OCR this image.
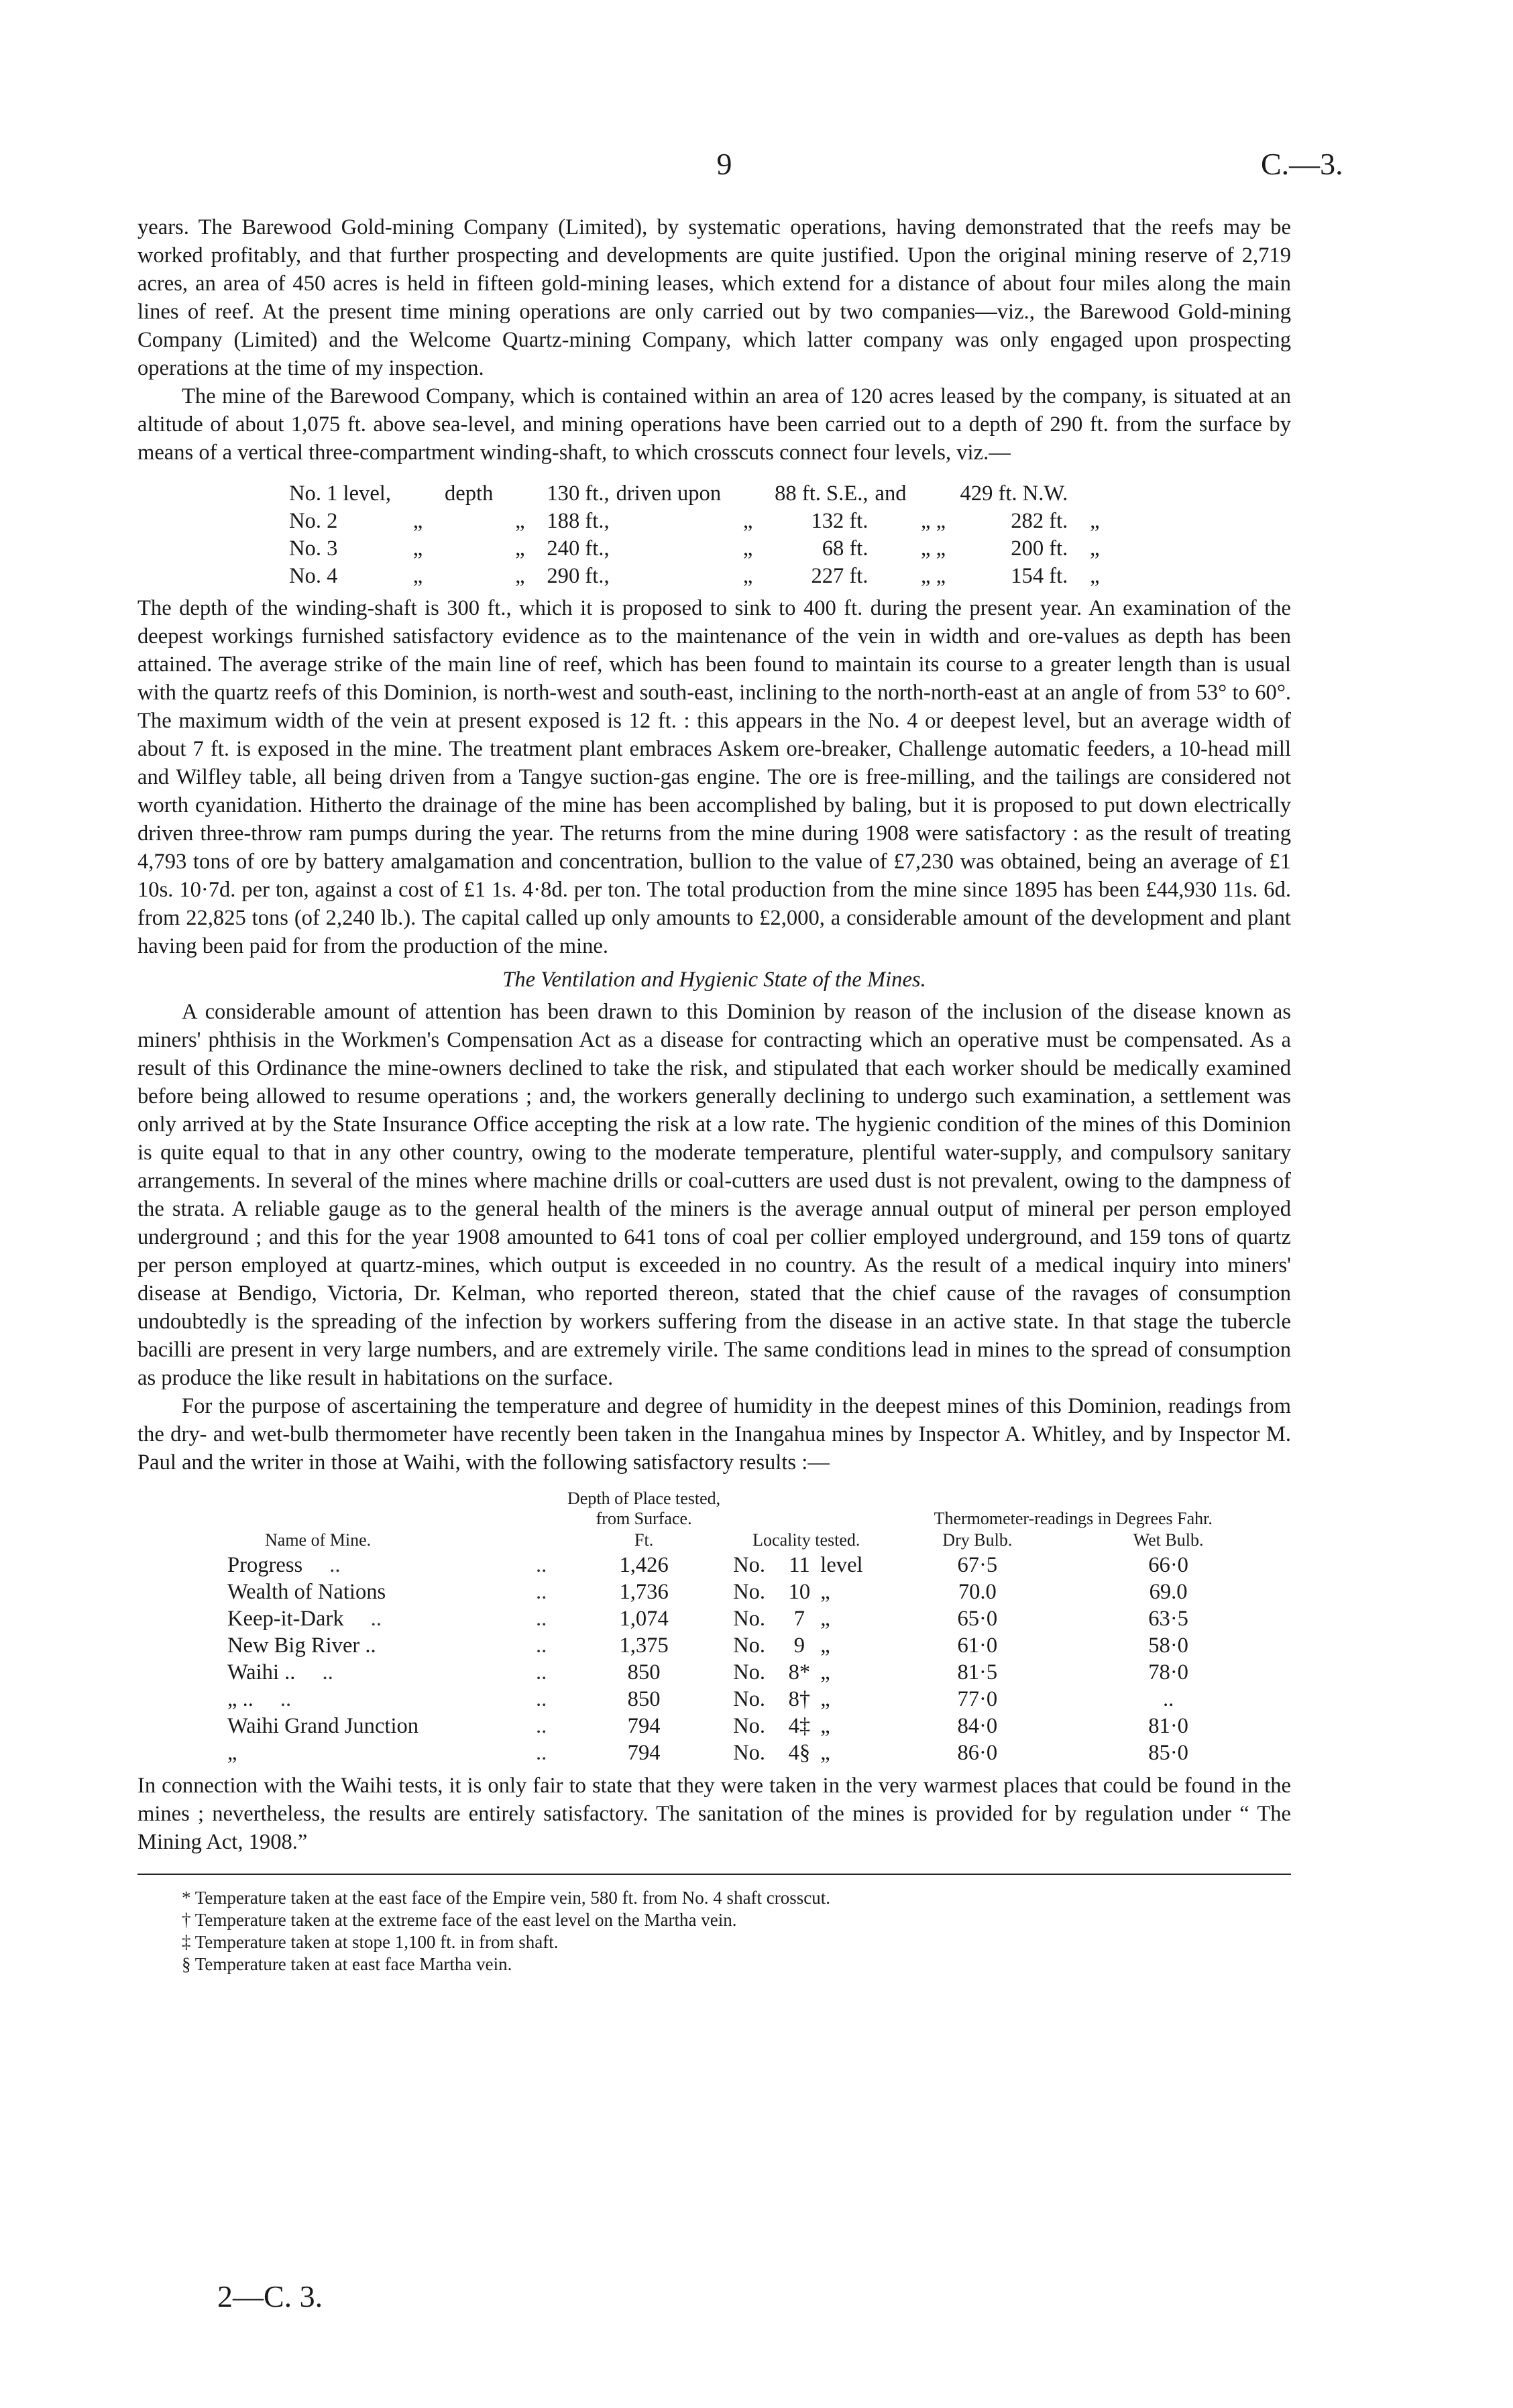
9	C.—3.

years. The Barewood Gold-mining Company (Limited), by systematic operations, having demonstrated that the reefs may be worked profitably, and that further prospecting and developments are quite justified. Upon the original mining reserve of 2,719 acres, an area of 450 acres is held in fifteen gold-mining leases, which extend for a distance of about four miles along the main lines of reef. At the present time mining operations are only carried out by two companies—viz., the Barewood Gold-mining Company (Limited) and the Welcome Quartz-mining Company, which latter company was only engaged upon prospecting operations at the time of my inspection.

The mine of the Barewood Company, which is contained within an area of 120 acres leased by the company, is situated at an altitude of about 1,075 ft. above sea-level, and mining operations have been carried out to a depth of 290 ft. from the surface by means of a vertical three-compartment winding-shaft, to which crosscuts connect four levels, viz.—

No. 1 level,		depth		130 ft.,	driven upon		88 ft. S.E.,	and		429 ft. N.W.	
No. 2	„		„	188 ft.,		„	132 ft.		„ „	282 ft.	„
No. 3	„		„	240 ft.,		„	68 ft.		„ „	200 ft.	„
No. 4	„		„	290 ft.,		„	227 ft.		„ „	154 ft.	„

The depth of the winding-shaft is 300 ft., which it is proposed to sink to 400 ft. during the present year. An examination of the deepest workings furnished satisfactory evidence as to the maintenance of the vein in width and ore-values as depth has been attained. The average strike of the main line of reef, which has been found to maintain its course to a greater length than is usual with the quartz reefs of this Dominion, is north-west and south-east, inclining to the north-north-east at an angle of from 53° to 60°. The maximum width of the vein at present exposed is 12 ft. : this appears in the No. 4 or deepest level, but an average width of about 7 ft. is exposed in the mine. The treatment plant embraces Askem ore-breaker, Challenge automatic feeders, a 10-head mill and Wilfley table, all being driven from a Tangye suction-gas engine. The ore is free-milling, and the tailings are considered not worth cyanidation. Hitherto the drainage of the mine has been accomplished by baling, but it is proposed to put down electrically driven three-throw ram pumps during the year. The returns from the mine during 1908 were satisfactory : as the result of treating 4,793 tons of ore by battery amalgamation and concentration, bullion to the value of £7,230 was obtained, being an average of £1 10s. 10·7d. per ton, against a cost of £1 1s. 4·8d. per ton. The total production from the mine since 1895 has been £44,930 11s. 6d. from 22,825 tons (of 2,240 lb.). The capital called up only amounts to £2,000, a considerable amount of the development and plant having been paid for from the production of the mine.

The Ventilation and Hygienic State of the Mines.

A considerable amount of attention has been drawn to this Dominion by reason of the inclusion of the disease known as miners' phthisis in the Workmen's Compensation Act as a disease for contracting which an operative must be compensated. As a result of this Ordinance the mine-owners declined to take the risk, and stipulated that each worker should be medically examined before being allowed to resume operations ; and, the workers generally declining to undergo such examination, a settlement was only arrived at by the State Insurance Office accepting the risk at a low rate. The hygienic condition of the mines of this Dominion is quite equal to that in any other country, owing to the moderate temperature, plentiful water-supply, and compulsory sanitary arrangements. In several of the mines where machine drills or coal-cutters are used dust is not prevalent, owing to the dampness of the strata. A reliable gauge as to the general health of the miners is the average annual output of mineral per person employed underground ; and this for the year 1908 amounted to 641 tons of coal per collier employed underground, and 159 tons of quartz per person employed at quartz-mines, which output is exceeded in no country. As the result of a medical inquiry into miners' disease at Bendigo, Victoria, Dr. Kelman, who reported thereon, stated that the chief cause of the ravages of consumption undoubtedly is the spreading of the infection by workers suffering from the disease in an active state. In that stage the tubercle bacilli are present in very large numbers, and are extremely virile. The same conditions lead in mines to the spread of consumption as produce the like result in habitations on the surface.

For the purpose of ascertaining the temperature and degree of humidity in the deepest mines of this Dominion, readings from the dry- and wet-bulb thermometer have recently been taken in the Inangahua mines by Inspector A. Whitley, and by Inspector M. Paul and the writer in those at Waihi, with the following satisfactory results :—

Name of Mine.		Depth of Place tested, from Surface.	Locality tested.			Thermometer-readings in Degrees Fahr.	
		Ft.				Dry Bulb.	Wet Bulb.
Progress ..	..	1,426	No.	11	level	67·5	66·0
Wealth of Nations	..	1,736	No.	10	„	70.0	69.0
Keep-it-Dark ..	..	1,074	No.	7	„	65·0	63·5
New Big River ..	..	1,375	No.	9	„	61·0	58·0
Waihi .. ..	..	850	No.	8*	„	81·5	78·0
„ .. ..	..	850	No.	8†	„	77·0	..
Waihi Grand Junction	..	794	No.	4‡	„	84·0	81·0
„	..	794	No.	4§	„	86·0	85·0

In connection with the Waihi tests, it is only fair to state that they were taken in the very warmest places that could be found in the mines ; nevertheless, the results are entirely satisfactory. The sanitation of the mines is provided for by regulation under “ The Mining Act, 1908.”

* Temperature taken at the east face of the Empire vein, 580 ft. from No. 4 shaft crosscut.
† Temperature taken at the extreme face of the east level on the Martha vein.
‡ Temperature taken at stope 1,100 ft. in from shaft.
§ Temperature taken at east face Martha vein.
2—C. 3.
